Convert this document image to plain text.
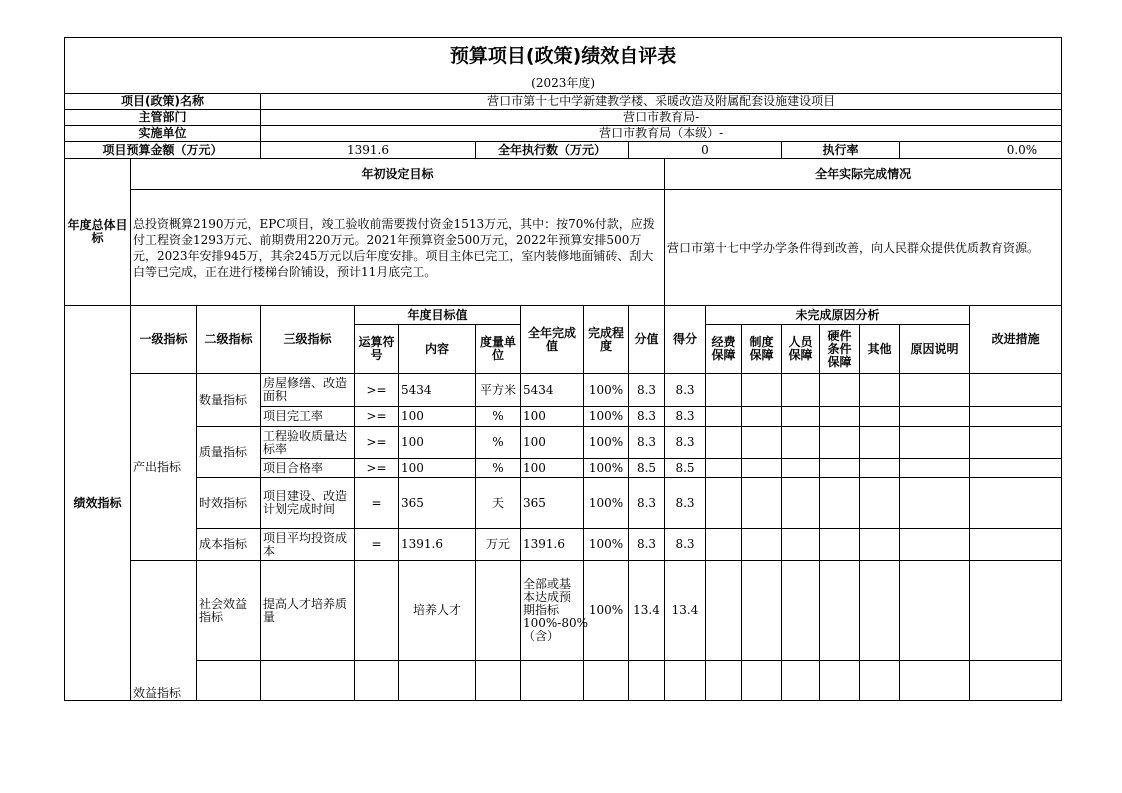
预算项目(政策)绩效自评表																	
(2023年度)																	
项目(政策)名称			营口市第十七中学新建教学楼、采暖改造及附属配套设施建设项目														
主管部门			营口市教育局-														
实施单位			营口市教育局（本级）-														
项目预算金额（万元）			1391.6			全年执行数（万元）			0				执行率			0.0%	
年度总体目标	年初设定目标									全年实际完成情况							
	总投资概算2190万元，EPC项目，竣工验收前需要拨付资金1513万元，其中：按70%付款，应拨付工程资金1293万元、前期费用220万元。2021年预算资金500万元，2022年预算安排500万元，2023年安排945万，其余245万元以后年度安排。项目主体已完工，室内装修地面铺砖、刮大白等已完成，正在进行楼梯台阶铺设，预计11月底完工。									营口市第十七中学办学条件得到改善，向人民群众提供优质教育资源。							
绩效指标	一级指标	二级指标	三级指标	年度目标值			全年完成值	完成程度	分值	得分	未完成原因分析						改进措施
				运算符号	内容	度量单位					经费保障	制度保障	人员保障	硬件条件保障	其他	原因说明	
	产出指标	数量指标	房屋修缮、改造面积	>=	5434	平方米	5434	100%	8.3	8.3							
			项目完工率	>=	100	%	100	100%	8.3	8.3							
		质量指标	工程验收质量达标率	>=	100	%	100	100%	8.3	8.3							
			项目合格率	>=	100	%	100	100%	8.5	8.5							
		时效指标	项目建设、改造计划完成时间	=	365	天	365	100%	8.3	8.3							
		成本指标	项目平均投资成本	=	1391.6	万元	1391.6	100%	8.3	8.3							
	效益指标	社会效益指标	提高人才培养质量		培养人才		全部或基本达成预期指标100%-80%（含）	100%	13.4	13.4							
